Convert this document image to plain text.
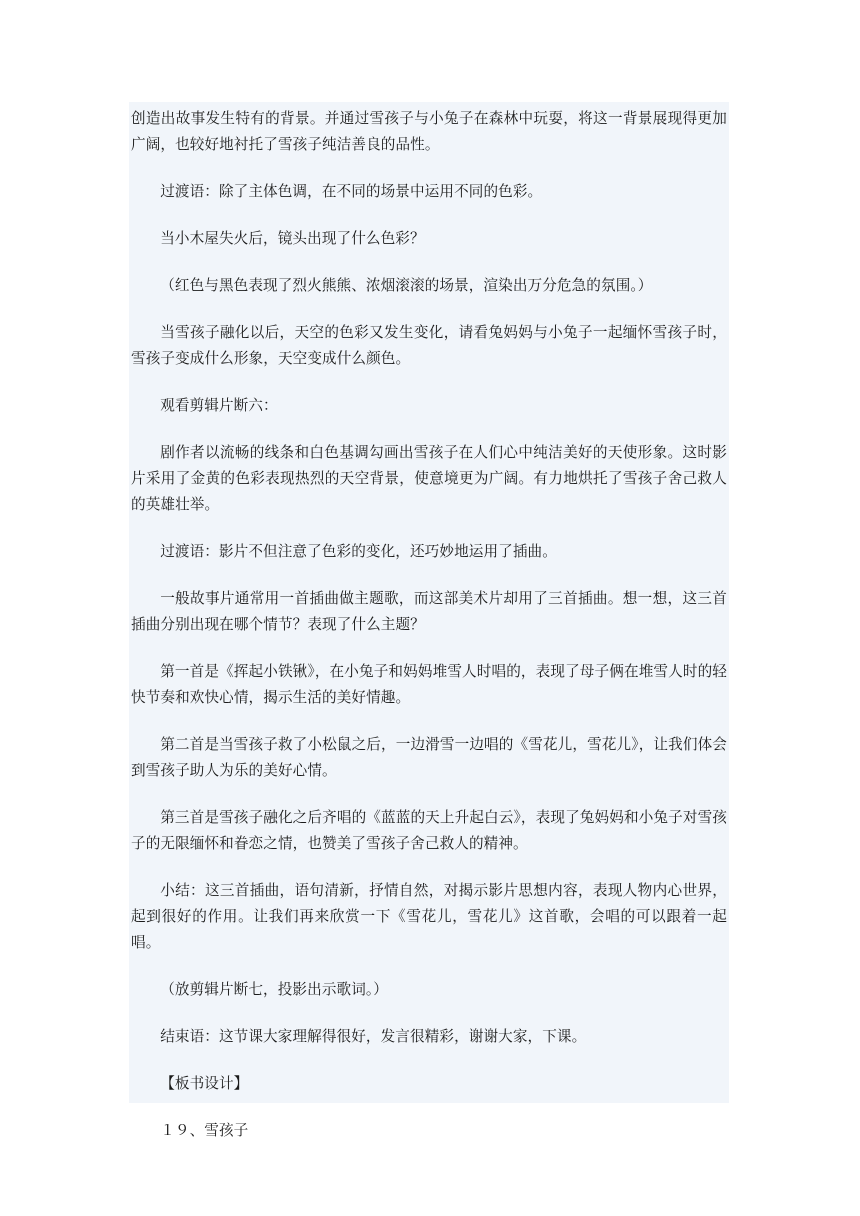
创造出故事发生特有的背景。并通过雪孩子与小兔子在森林中玩耍，将这一背景展现得更加广阔，也较好地衬托了雪孩子纯洁善良的品性。

过渡语：除了主体色调，在不同的场景中运用不同的色彩。

当小木屋失火后，镜头出现了什么色彩？

（红色与黑色表现了烈火熊熊、浓烟滚滚的场景，渲染出万分危急的氛围。）

当雪孩子融化以后，天空的色彩又发生变化，请看兔妈妈与小兔子一起缅怀雪孩子时，雪孩子变成什么形象，天空变成什么颜色。

观看剪辑片断六：

剧作者以流畅的线条和白色基调勾画出雪孩子在人们心中纯洁美好的天使形象。这时影片采用了金黄的色彩表现热烈的天空背景，使意境更为广阔。有力地烘托了雪孩子舍己救人的英雄壮举。

过渡语：影片不但注意了色彩的变化，还巧妙地运用了插曲。

一般故事片通常用一首插曲做主题歌，而这部美术片却用了三首插曲。想一想，这三首插曲分别出现在哪个情节？表现了什么主题？

第一首是《挥起小铁锹》，在小兔子和妈妈堆雪人时唱的，表现了母子俩在堆雪人时的轻快节奏和欢快心情，揭示生活的美好情趣。

第二首是当雪孩子救了小松鼠之后，一边滑雪一边唱的《雪花儿，雪花儿》，让我们体会到雪孩子助人为乐的美好心情。

第三首是雪孩子融化之后齐唱的《蓝蓝的天上升起白云》，表现了兔妈妈和小兔子对雪孩子的无限缅怀和眷恋之情，也赞美了雪孩子舍己救人的精神。

小结：这三首插曲，语句清新，抒情自然，对揭示影片思想内容，表现人物内心世界，起到很好的作用。让我们再来欣赏一下《雪花儿，雪花儿》这首歌，会唱的可以跟着一起唱。

（放剪辑片断七，投影出示歌词。）

结束语：这节课大家理解得很好，发言很精彩，谢谢大家，下课。

【板书设计】

１９、雪孩子
